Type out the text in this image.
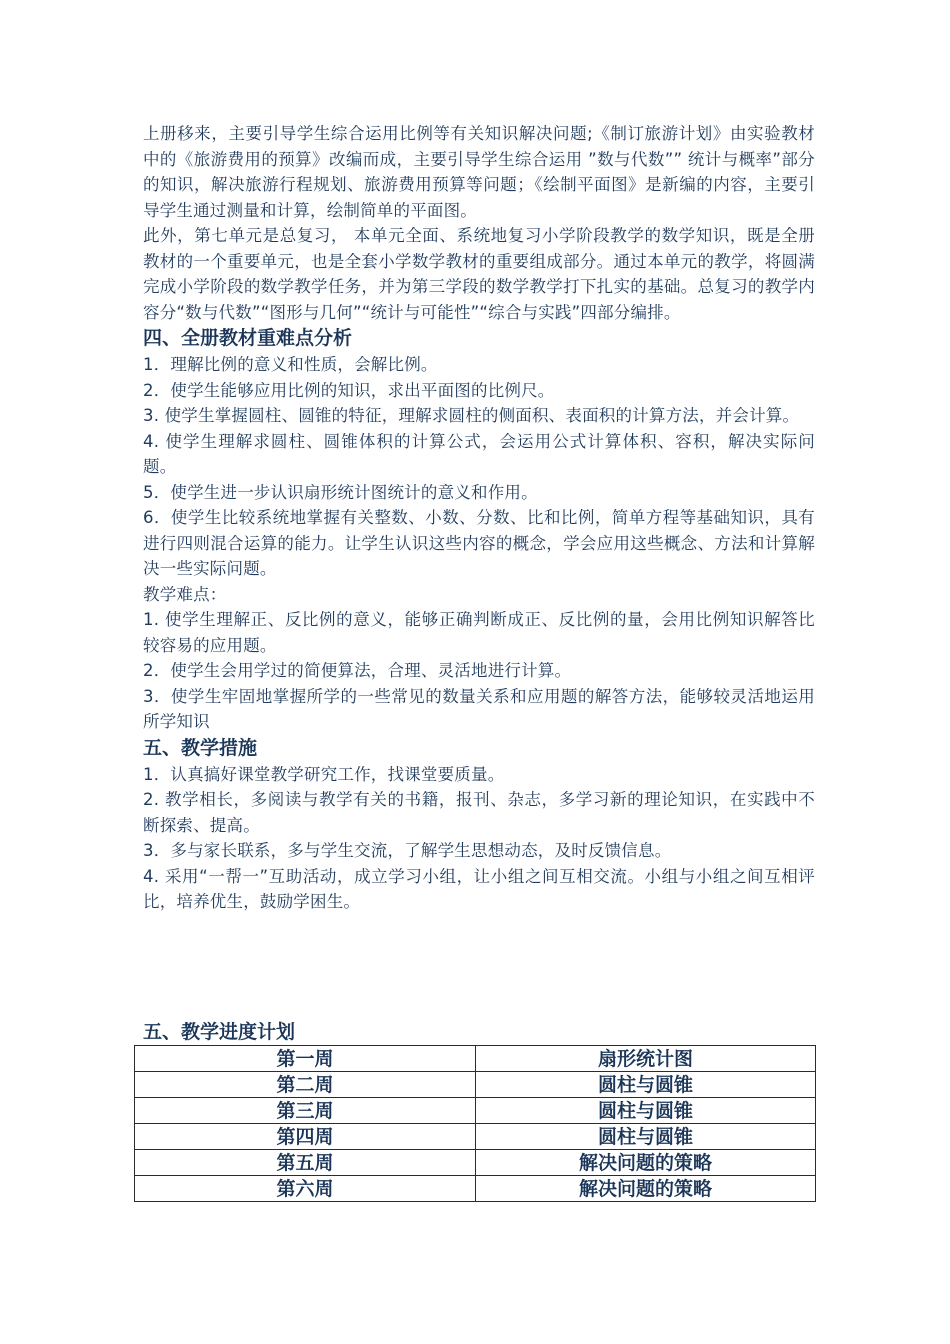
上册移来，主要引导学生综合运用比例等有关知识解决问题;《制订旅游计划》由实验教材中的《旅游费用的预算》改编而成，主要引导学生综合运用 ”数与代数”” 统计与概率”部分的知识，解决旅游行程规划、旅游费用预算等问题；《绘制平面图》是新编的内容，主要引导学生通过测量和计算，绘制简单的平面图。

此外，第七单元是总复习， 本单元全面、系统地复习小学阶段教学的数学知识，既是全册教材的一个重要单元，也是全套小学数学教材的重要组成部分。通过本单元的教学，将圆满完成小学阶段的数学教学任务，并为第三学段的数学教学打下扎实的基础。总复习的教学内容分“数与代数”“图形与几何”“统计与可能性”“综合与实践”四部分编排。

四、全册教材重难点分析

1．理解比例的意义和性质，会解比例。

2．使学生能够应用比例的知识，求出平面图的比例尺。

3. 使学生掌握圆柱、圆锥的特征，理解求圆柱的侧面积、表面积的计算方法，并会计算。

4. 使学生理解求圆柱、圆锥体积的计算公式，会运用公式计算体积、容积，解决实际问题。

5．使学生进一步认识扇形统计图统计的意义和作用。

6．使学生比较系统地掌握有关整数、小数、分数、比和比例，简单方程等基础知识，具有进行四则混合运算的能力。让学生认识这些内容的概念，学会应用这些概念、方法和计算解决一些实际问题。

教学难点：

1. 使学生理解正、反比例的意义，能够正确判断成正、反比例的量，会用比例知识解答比较容易的应用题。

2．使学生会用学过的简便算法，合理、灵活地进行计算。

3．使学生牢固地掌握所学的一些常见的数量关系和应用题的解答方法，能够较灵活地运用所学知识

五、教学措施

1．认真搞好课堂教学研究工作，找课堂要质量。

2. 教学相长，多阅读与教学有关的书籍，报刊、杂志，多学习新的理论知识，在实践中不断探索、提高。

3．多与家长联系，多与学生交流，了解学生思想动态，及时反馈信息。

4. 采用“一帮一”互助活动，成立学习小组，让小组之间互相交流。小组与小组之间互相评比，培养优生，鼓励学困生。

五、教学进度计划

第一周	扇形统计图
第二周	圆柱与圆锥
第三周	圆柱与圆锥
第四周	圆柱与圆锥
第五周	解决问题的策略
第六周	解决问题的策略
